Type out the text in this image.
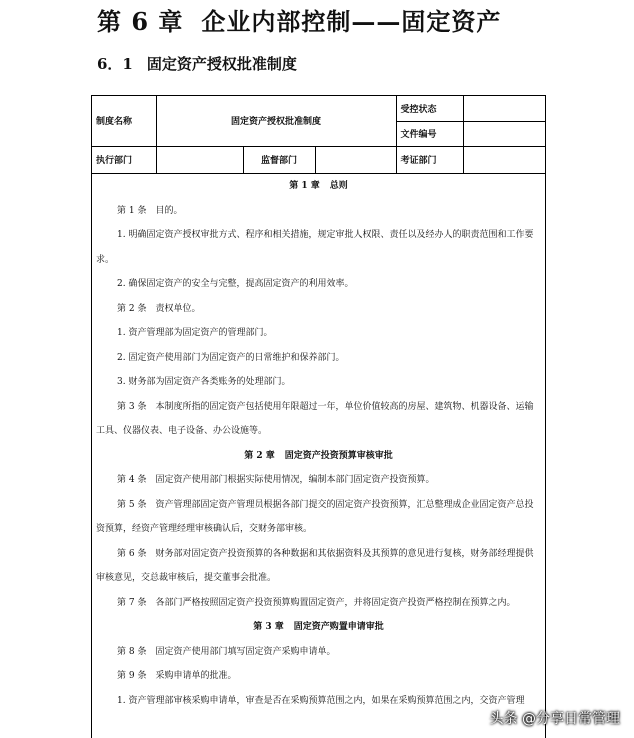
第 6 章 企业内部控制——固定资产
6．1 固定资产授权批准制度
制度名称	固定资产授权批准制度			受控状态	
				文件编号	
执行部门		监督部门		考证部门	
第 1 章 总则

第 1 条　目的。

1. 明确固定资产授权审批方式、程序和相关措施，规定审批人权限、责任以及经办人的职责范围和工作要求。

2. 确保固定资产的安全与完整，提高固定资产的利用效率。

第 2 条　责权单位。

1. 资产管理部为固定资产的管理部门。

2. 固定资产使用部门为固定资产的日常维护和保养部门。

3. 财务部为固定资产各类账务的处理部门。

第 3 条　本制度所指的固定资产包括使用年限超过一年，单位价值较高的房屋、建筑物、机器设备、运输工具、仪器仪表、电子设备、办公设施等。

第 2 章 固定资产投资预算审核审批

第 4 条　固定资产使用部门根据实际使用情况，编制本部门固定资产投资预算。

第 5 条　资产管理部固定资产管理员根据各部门提交的固定资产投资预算，汇总整理成企业固定资产总投资预算，经资产管理经理审核确认后，交财务部审核。

第 6 条　财务部对固定资产投资预算的各种数据和其依据资料及其预算的意见进行复核，财务部经理提供审核意见，交总裁审核后，提交董事会批准。

第 7 条　各部门严格按照固定资产投资预算购置固定资产，并将固定资产投资严格控制在预算之内。

第 3 章 固定资产购置申请审批

第 8 条　固定资产使用部门填写固定资产采购申请单。

第 9 条　采购申请单的批准。

1. 资产管理部审核采购申请单，审查是否在采购预算范围之内，如果在采购预算范围之内，交资产管理

头条 @分享日常管理
